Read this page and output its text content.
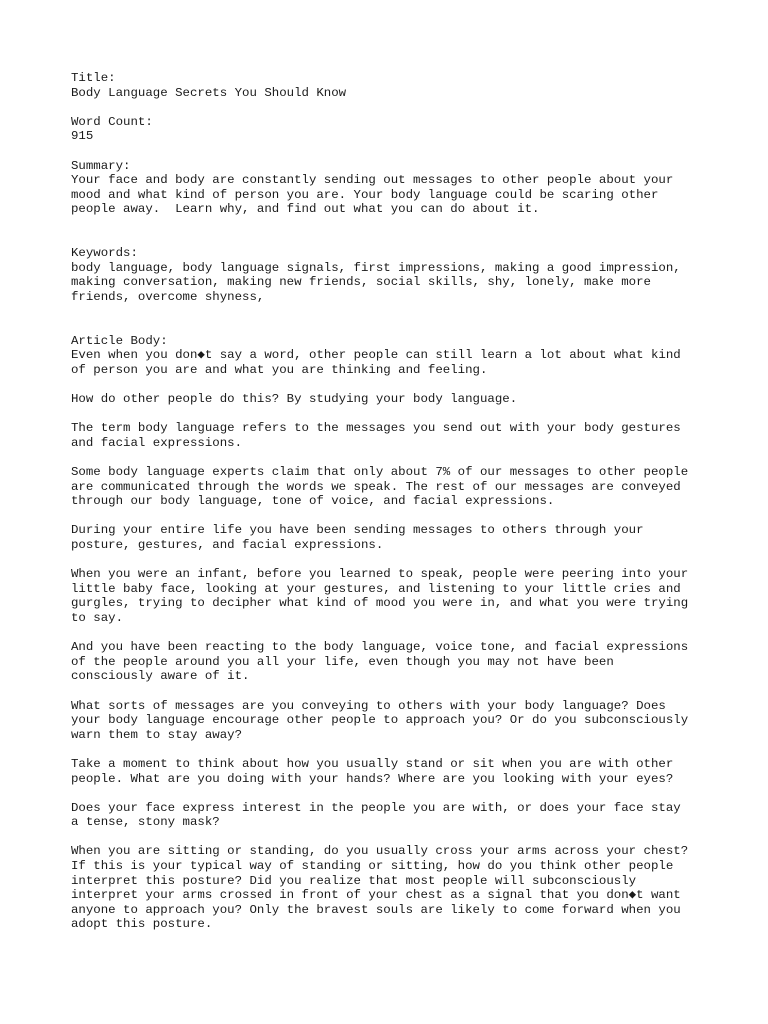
Title:
Body Language Secrets You Should Know
Word Count:
915
Summary:
Your face and body are constantly sending out messages to other people about your
mood and what kind of person you are. Your body language could be scaring other
people away.  Learn why, and find out what you can do about it.
Keywords:
body language, body language signals, first impressions, making a good impression,
making conversation, making new friends, social skills, shy, lonely, make more
friends, overcome shyness,
Article Body:
Even when you don◆t say a word, other people can still learn a lot about what kind
of person you are and what you are thinking and feeling.
How do other people do this? By studying your body language.
The term body language refers to the messages you send out with your body gestures
and facial expressions.
Some body language experts claim that only about 7% of our messages to other people
are communicated through the words we speak. The rest of our messages are conveyed
through our body language, tone of voice, and facial expressions.
During your entire life you have been sending messages to others through your
posture, gestures, and facial expressions.
When you were an infant, before you learned to speak, people were peering into your
little baby face, looking at your gestures, and listening to your little cries and
gurgles, trying to decipher what kind of mood you were in, and what you were trying
to say.
And you have been reacting to the body language, voice tone, and facial expressions
of the people around you all your life, even though you may not have been
consciously aware of it.
What sorts of messages are you conveying to others with your body language? Does
your body language encourage other people to approach you? Or do you subconsciously
warn them to stay away?
Take a moment to think about how you usually stand or sit when you are with other
people. What are you doing with your hands? Where are you looking with your eyes?
Does your face express interest in the people you are with, or does your face stay
a tense, stony mask?
When you are sitting or standing, do you usually cross your arms across your chest?
If this is your typical way of standing or sitting, how do you think other people
interpret this posture? Did you realize that most people will subconsciously
interpret your arms crossed in front of your chest as a signal that you don◆t want
anyone to approach you? Only the bravest souls are likely to come forward when you
adopt this posture.
